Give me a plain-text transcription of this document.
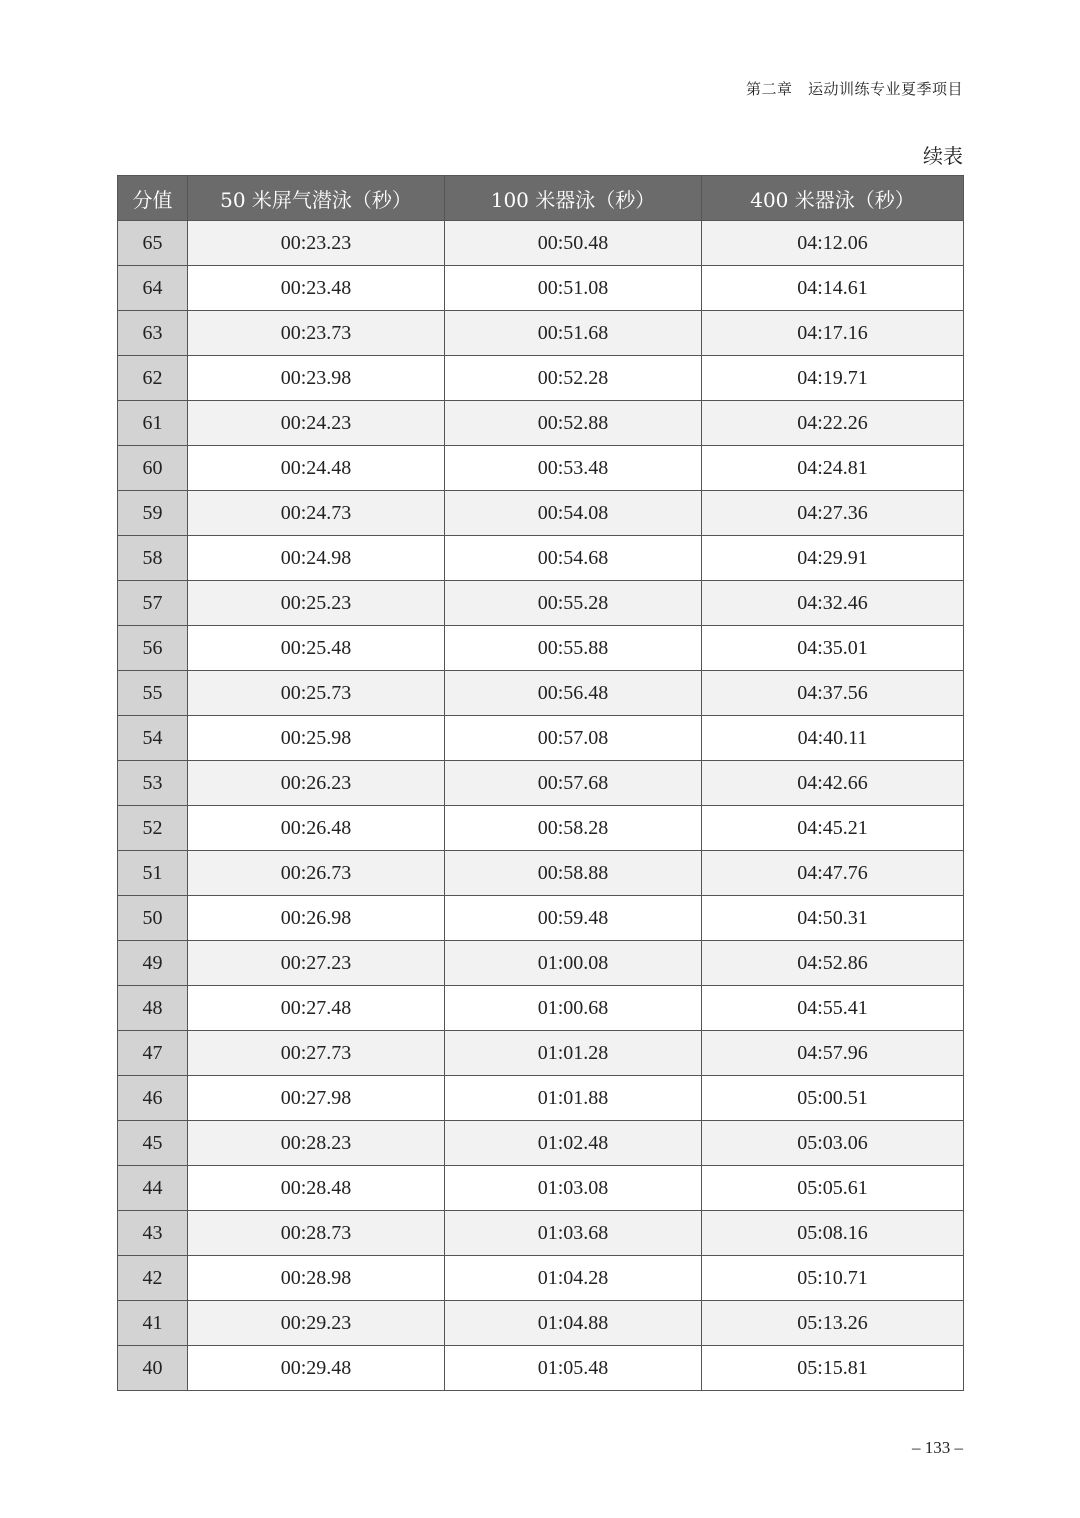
第二章　运动训练专业夏季项目
续表
分值	50 米屏气潜泳（秒）	100 米器泳（秒）	400 米器泳（秒）
65	00:23.23	00:50.48	04:12.06
64	00:23.48	00:51.08	04:14.61
63	00:23.73	00:51.68	04:17.16
62	00:23.98	00:52.28	04:19.71
61	00:24.23	00:52.88	04:22.26
60	00:24.48	00:53.48	04:24.81
59	00:24.73	00:54.08	04:27.36
58	00:24.98	00:54.68	04:29.91
57	00:25.23	00:55.28	04:32.46
56	00:25.48	00:55.88	04:35.01
55	00:25.73	00:56.48	04:37.56
54	00:25.98	00:57.08	04:40.11
53	00:26.23	00:57.68	04:42.66
52	00:26.48	00:58.28	04:45.21
51	00:26.73	00:58.88	04:47.76
50	00:26.98	00:59.48	04:50.31
49	00:27.23	01:00.08	04:52.86
48	00:27.48	01:00.68	04:55.41
47	00:27.73	01:01.28	04:57.96
46	00:27.98	01:01.88	05:00.51
45	00:28.23	01:02.48	05:03.06
44	00:28.48	01:03.08	05:05.61
43	00:28.73	01:03.68	05:08.16
42	00:28.98	01:04.28	05:10.71
41	00:29.23	01:04.88	05:13.26
40	00:29.48	01:05.48	05:15.81
– 133 –
